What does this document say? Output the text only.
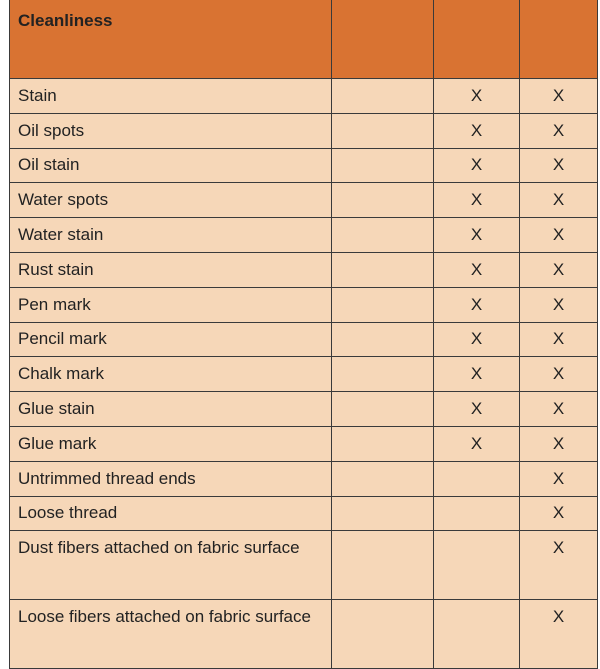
Cleanliness			
Stain		X	X
Oil spots		X	X
Oil stain		X	X
Water spots		X	X
Water stain		X	X
Rust stain		X	X
Pen mark		X	X
Pencil mark		X	X
Chalk mark		X	X
Glue stain		X	X
Glue mark		X	X
Untrimmed thread ends			X
Loose thread			X
Dust fibers attached on fabric surface			X
Loose fibers attached on fabric surface			X
